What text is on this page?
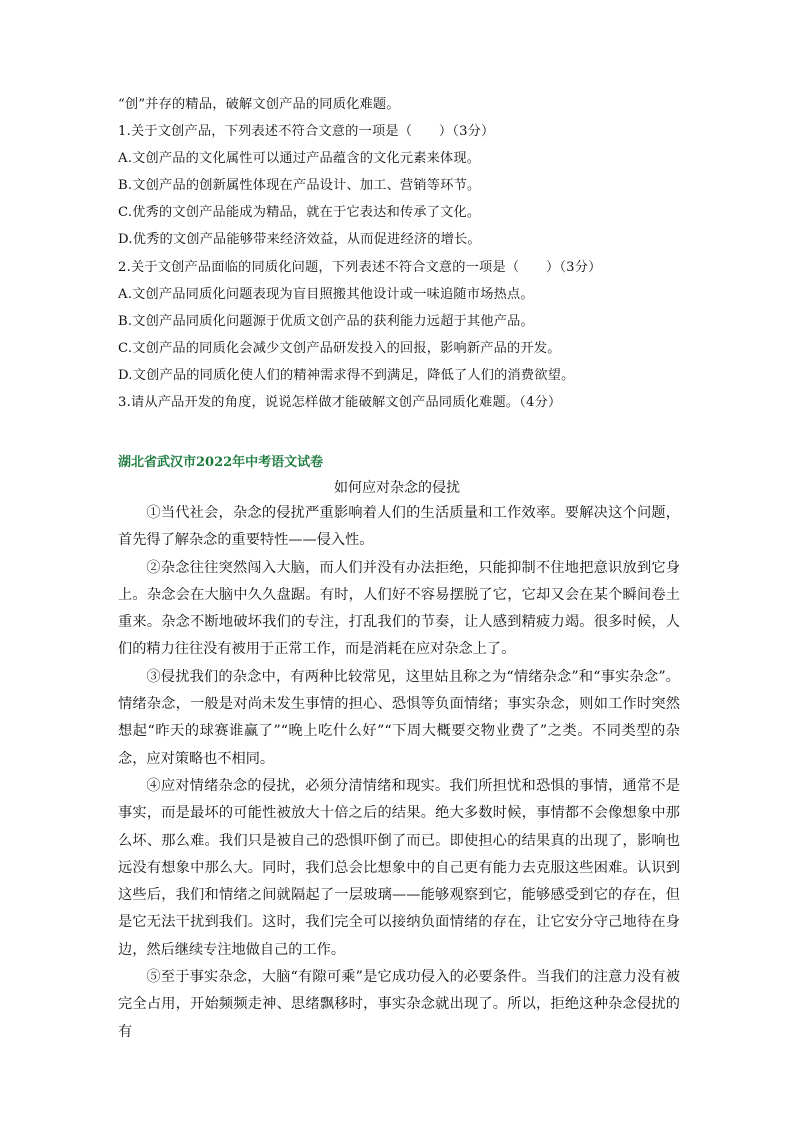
“创”并存的精品，破解文创产品的同质化难题。
1.关于文创产品，下列表述不符合文意的一项是（　　）（3分）
A.文创产品的文化属性可以通过产品蕴含的文化元素来体现。
B.文创产品的创新属性体现在产品设计、加工、营销等环节。
C.优秀的文创产品能成为精品，就在于它表达和传承了文化。
D.优秀的文创产品能够带来经济效益，从而促进经济的增长。
2.关于文创产品面临的同质化问题，下列表述不符合文意的一项是（　　）（3分）
A.文创产品同质化问题表现为盲目照搬其他设计或一味追随市场热点。
B.文创产品同质化问题源于优质文创产品的获利能力远超于其他产品。
C.文创产品的同质化会减少文创产品研发投入的回报，影响新产品的开发。
D.文创产品的同质化使人们的精神需求得不到满足，降低了人们的消费欲望。
3.请从产品开发的角度，说说怎样做才能破解文创产品同质化难题。（4分）
湖北省武汉市2022年中考语文试卷
如何应对杂念的侵扰

①当代社会，杂念的侵扰严重影响着人们的生活质量和工作效率。要解决这个问题，首先得了解杂念的重要特性——侵入性。

②杂念往往突然闯入大脑，而人们并没有办法拒绝，只能抑制不住地把意识放到它身上。杂念会在大脑中久久盘踞。有时，人们好不容易摆脱了它，它却又会在某个瞬间卷土重来。杂念不断地破坏我们的专注，打乱我们的节奏，让人感到精疲力竭。很多时候，人们的精力往往没有被用于正常工作，而是消耗在应对杂念上了。

③侵扰我们的杂念中，有两种比较常见，这里姑且称之为“情绪杂念”和“事实杂念”。情绪杂念，一般是对尚未发生事情的担心、恐惧等负面情绪；事实杂念，则如工作时突然想起“昨天的球赛谁赢了”“晚上吃什么好”“下周大概要交物业费了”之类。不同类型的杂念，应对策略也不相同。

④应对情绪杂念的侵扰，必须分清情绪和现实。我们所担忧和恐惧的事情，通常不是事实，而是最坏的可能性被放大十倍之后的结果。绝大多数时候，事情都不会像想象中那么坏、那么难。我们只是被自己的恐惧吓倒了而已。即使担心的结果真的出现了，影响也远没有想象中那么大。同时，我们总会比想象中的自己更有能力去克服这些困难。认识到这些后，我们和情绪之间就隔起了一层玻璃——能够观察到它，能够感受到它的存在，但是它无法干扰到我们。这时，我们完全可以接纳负面情绪的存在，让它安分守己地待在身边，然后继续专注地做自己的工作。

⑤至于事实杂念，大脑“有隙可乘”是它成功侵入的必要条件。当我们的注意力没有被完全占用，开始频频走神、思绪飘移时，事实杂念就出现了。所以，拒绝这种杂念侵扰的有
